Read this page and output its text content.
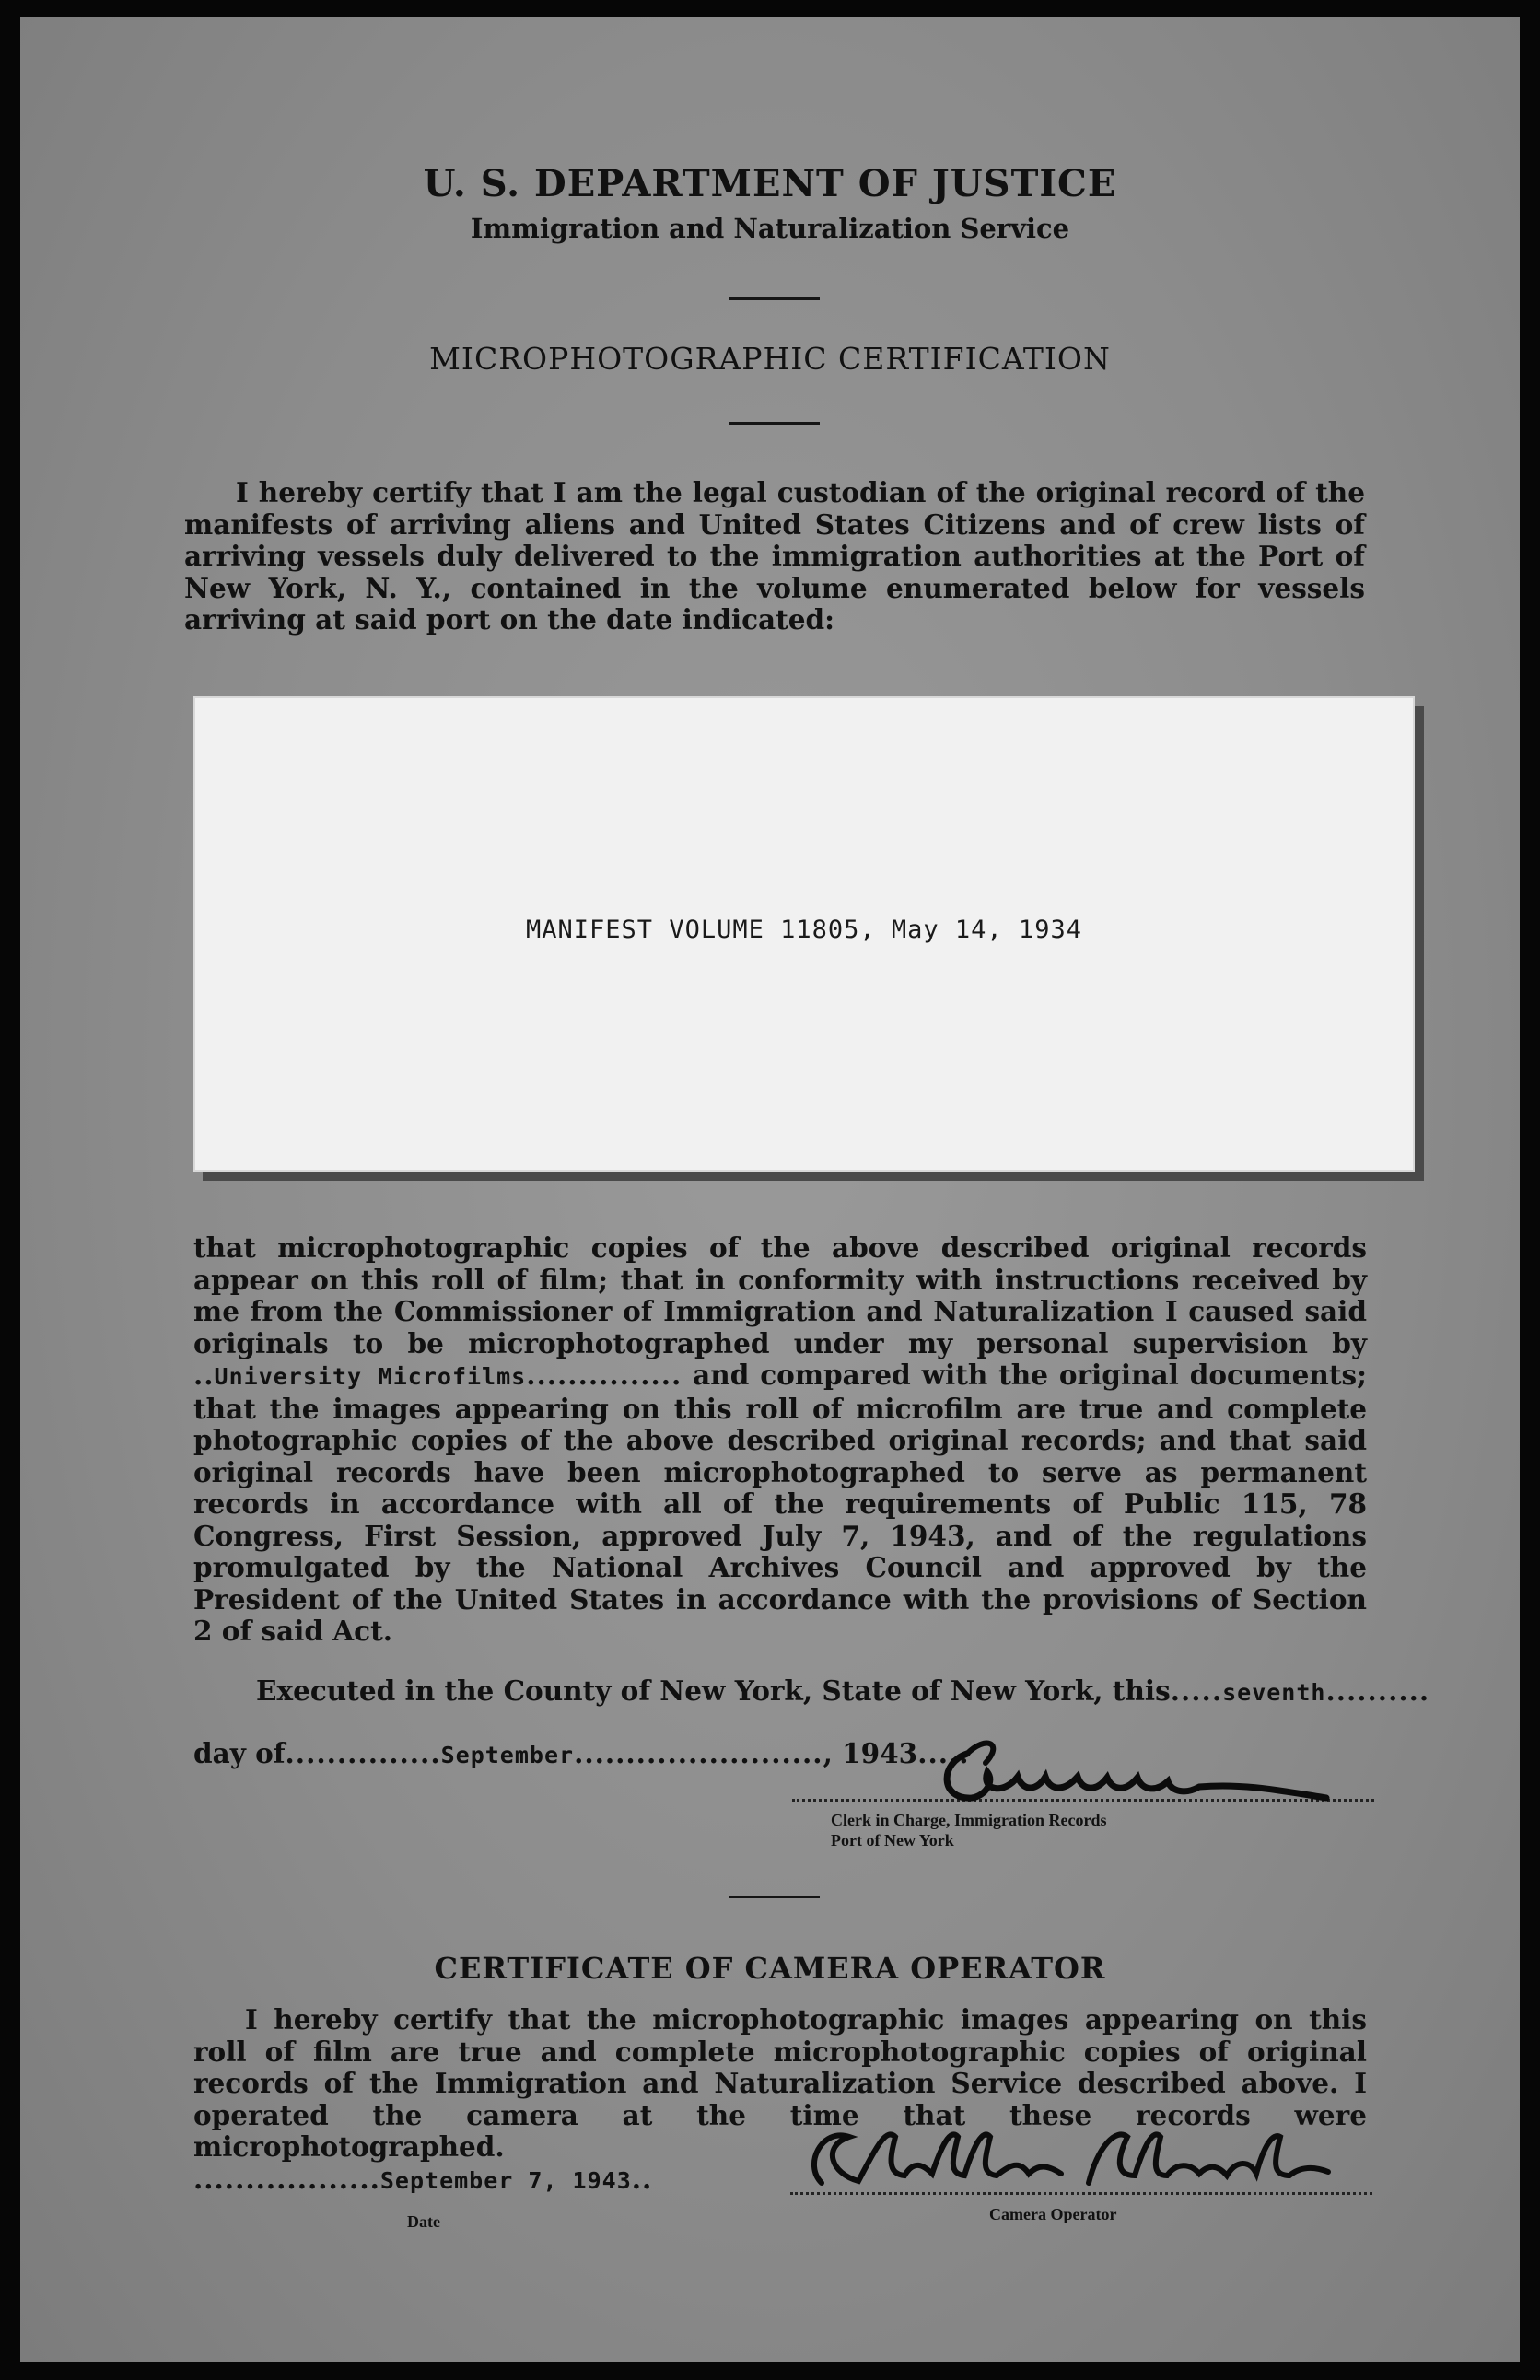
U. S. DEPARTMENT OF JUSTICE
Immigration and Naturalization Service
MICROPHOTOGRAPHIC CERTIFICATION
I hereby certify that I am the legal custodian of the original record of the manifests of arriving aliens and United States Citizens and of crew lists of arriving vessels duly delivered to the immigration authorities at the Port of New York, N. Y., contained in the volume enumerated below for vessels arriving at said port on the date indicated:
MANIFEST VOLUME 11805, May 14, 1934
that microphotographic copies of the above described original records appear on this roll of film; that in conformity with instructions received by me from the Commissioner of Immigration and Naturalization I caused said originals to be microphotographed under my personal supervision by ..University Microfilms............... and compared with the original documents; that the images appearing on this roll of microfilm are true and complete photographic copies of the above described original records; and that said original records have been microphotographed to serve as permanent records in accordance with all of the requirements of Public 115, 78 Congress, First Session, approved July 7, 1943, and of the regulations promulgated by the National Archives Council and approved by the President of the United States in accordance with the provisions of Section 2 of said Act.
Executed in the County of New York, State of New York, this.....seventh..........
day of...............September........................, 1943.....
Clerk in Charge, Immigration Records
Port of New York
CERTIFICATE OF CAMERA OPERATOR
I hereby certify that the microphotographic images appearing on this roll of film are true and complete microphotographic copies of original records of the Immigration and Naturalization Service described above. I operated the camera at the time that these records were microphotographed.
..................September 7, 1943..
Date	Camera Operator
